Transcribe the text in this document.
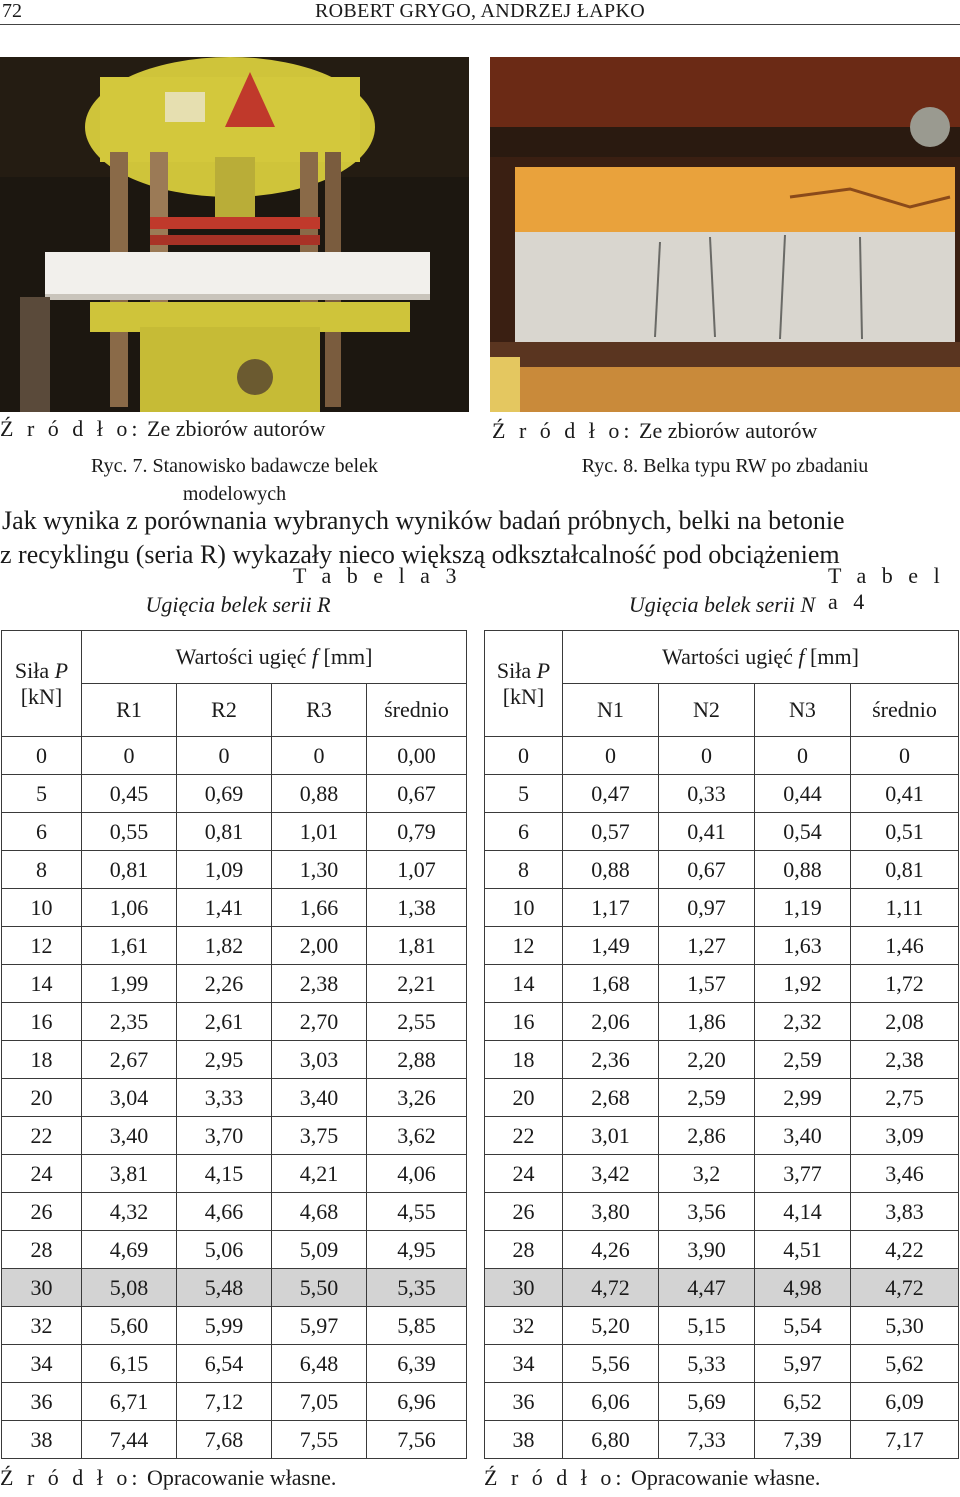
72	ROBERT GRYGO, ANDRZEJ ŁAPKO
Ź r ó d ł o: Ze zbiorów autorów
Ryc. 7. Stanowisko badawcze belek
modelowych
Ź r ó d ł o: Ze zbiorów autorów
Ryc. 8. Belka typu RW po zbadaniu
Jak wynika z porównania wybranych wyników badań próbnych, belki na betonie
z recyklingu (seria R) wykazały nieco większą odkształcalność pod obciążeniem
T a b e l a 3	T a b e l a 4
Ugięcia belek serii R	Ugięcia belek serii N
Siła P
[kN]	Wartości ugięć f [mm]			
	R1	R2	R3	średnio
0	0	0	0	0,00
5	0,45	0,69	0,88	0,67
6	0,55	0,81	1,01	0,79
8	0,81	1,09	1,30	1,07
10	1,06	1,41	1,66	1,38
12	1,61	1,82	2,00	1,81
14	1,99	2,26	2,38	2,21
16	2,35	2,61	2,70	2,55
18	2,67	2,95	3,03	2,88
20	3,04	3,33	3,40	3,26
22	3,40	3,70	3,75	3,62
24	3,81	4,15	4,21	4,06
26	4,32	4,66	4,68	4,55
28	4,69	5,06	5,09	4,95
30	5,08	5,48	5,50	5,35
32	5,60	5,99	5,97	5,85
34	6,15	6,54	6,48	6,39
36	6,71	7,12	7,05	6,96
38	7,44	7,68	7,55	7,56
Ź r ó d ł o: Opracowanie własne.
Siła P
[kN]	Wartości ugięć f [mm]			
	N1	N2	N3	średnio
0	0	0	0	0
5	0,47	0,33	0,44	0,41
6	0,57	0,41	0,54	0,51
8	0,88	0,67	0,88	0,81
10	1,17	0,97	1,19	1,11
12	1,49	1,27	1,63	1,46
14	1,68	1,57	1,92	1,72
16	2,06	1,86	2,32	2,08
18	2,36	2,20	2,59	2,38
20	2,68	2,59	2,99	2,75
22	3,01	2,86	3,40	3,09
24	3,42	3,2	3,77	3,46
26	3,80	3,56	4,14	3,83
28	4,26	3,90	4,51	4,22
30	4,72	4,47	4,98	4,72
32	5,20	5,15	5,54	5,30
34	5,56	5,33	5,97	5,62
36	6,06	5,69	6,52	6,09
38	6,80	7,33	7,39	7,17
Ź r ó d ł o: Opracowanie własne.
